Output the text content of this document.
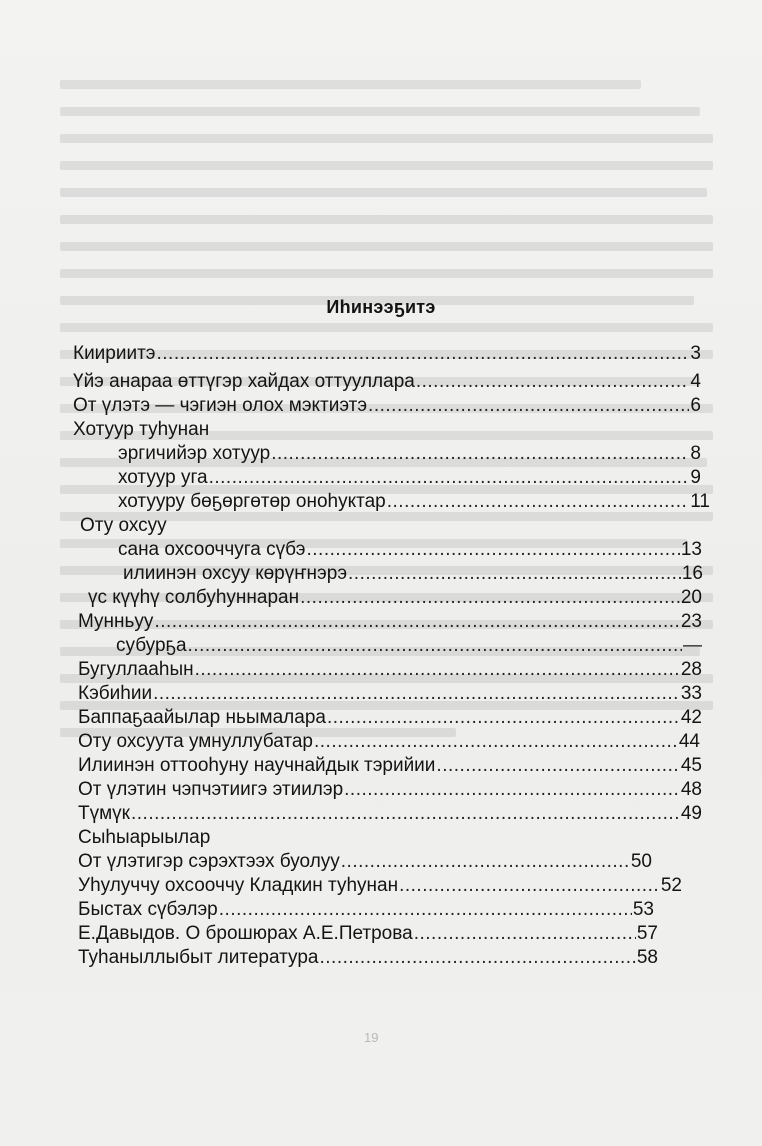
Иһинээҕитэ
Киириитэ .....	3
Үйэ анараа өттүгэр хайдах оттууллара .....	4
От үлэтэ — чэгиэн олох мэктиэтэ .....	6
Хотуур туһунан
эргичийэр хотуур .....	8
хотуур уга .....	9
хотууру бөҕөргөтөр оноһуктар .....	11
Оту охсуу
сана охсооччуга сүбэ .....	13
илиинэн охсуу көрүҥнэрэ .....	16
үс күүһү солбуһуннаран .....	20
Мунньуу .....	23
субурҕа .....	—
Бугуллааһын .....	28
Кэбиһии .....	33
Баппаҕаайылар ньымалара .....	42
Оту охсуута умнуллубатар .....	44
Илиинэн оттооһуну научнайдык тэрийии .....	45
От үлэтин чэпчэтиигэ этиилэр .....	48
Түмүк .....	49
Сыһыарыылар
От үлэтигэр сэрэхтээх буолуу .....	50
Уһулуччу охсооччу Кладкин туһунан .....	52
Быстах сүбэлэр .....	53
Е.Давыдов. О брошюрах А.Е.Петрова .....	57
Туһаныллыбыт литература .....	58
19
